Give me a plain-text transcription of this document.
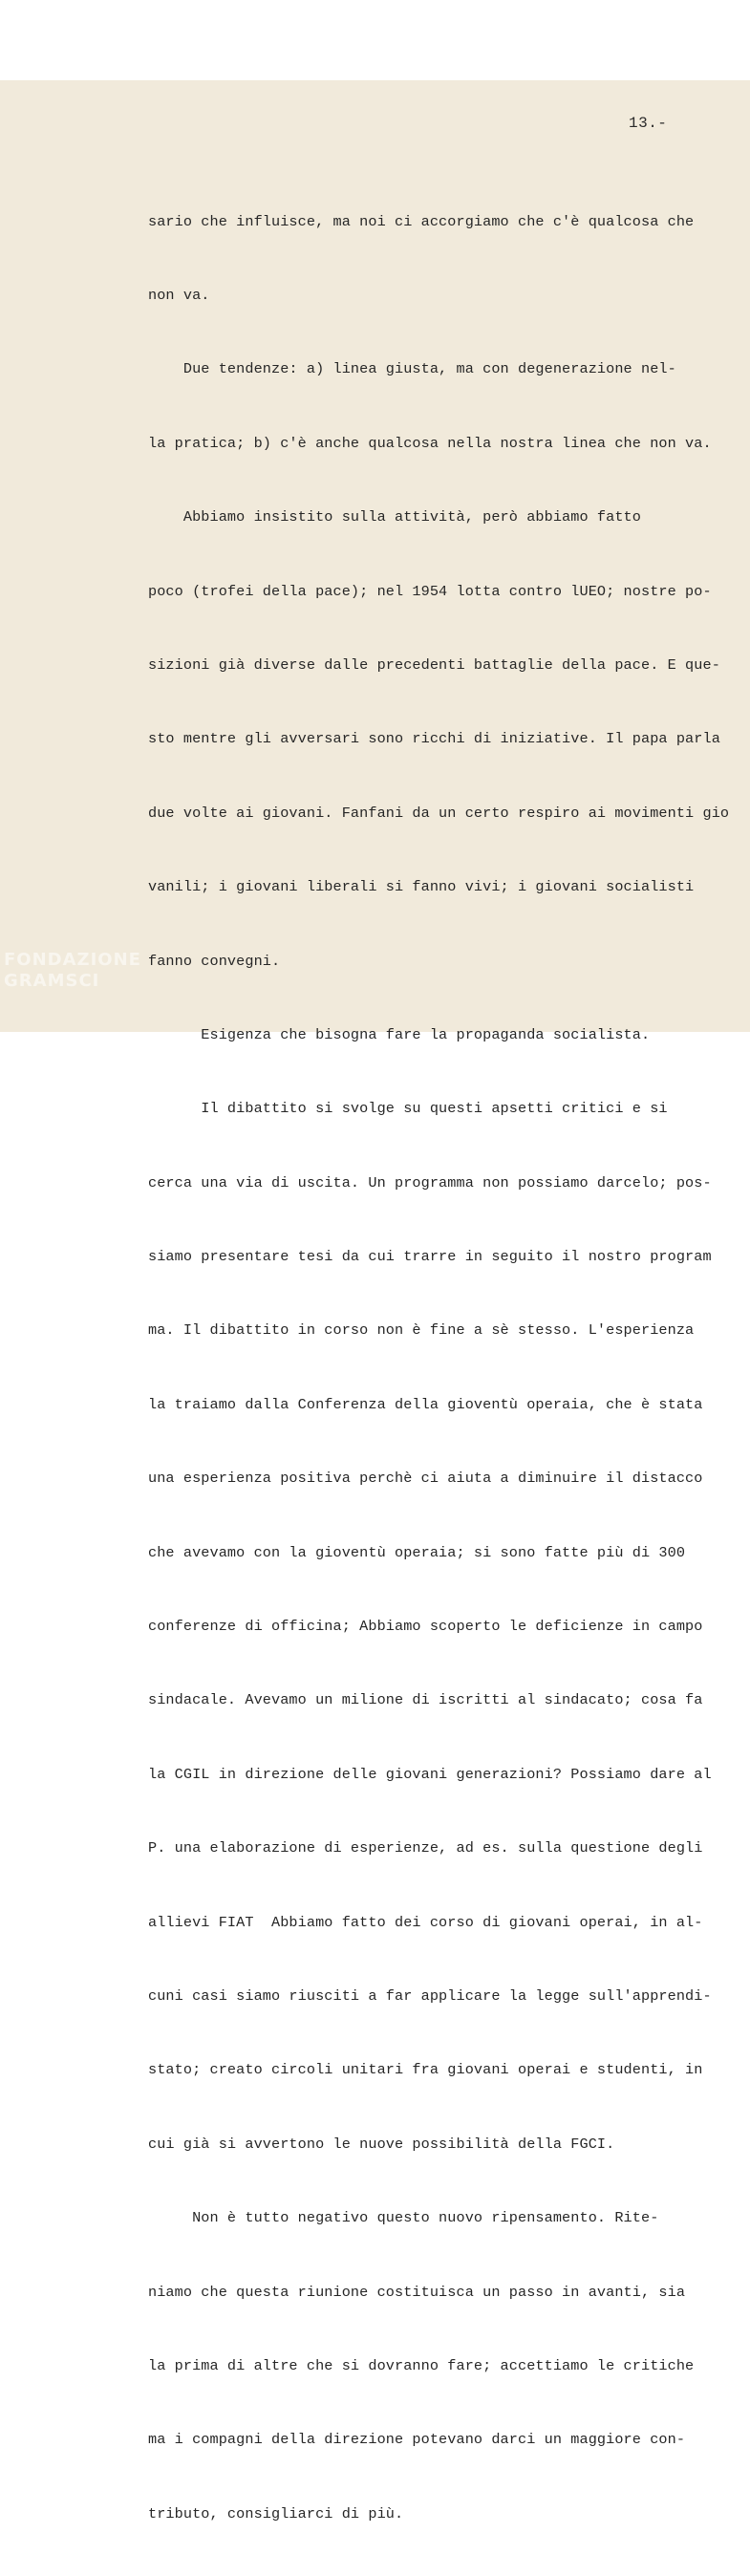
13.-

sario che influisce, ma noi ci accorgiamo che c'è qualcosa che

non va.

Due tendenze: a) linea giusta, ma con degenerazione nel-

la pratica; b) c'è anche qualcosa nella nostra linea che non va.

Abbiamo insistito sulla attività, però abbiamo fatto

poco (trofei della pace); nel 1954 lotta contro lUEO; nostre po-

sizioni già diverse dalle precedenti battaglie della pace. E que-

sto mentre gli avversari sono ricchi di iniziative. Il papa parla

due volte ai giovani. Fanfani da un certo respiro ai movimenti gio

vanili; i giovani liberali si fanno vivi; i giovani socialisti

fanno convegni.

Esigenza che bisogna fare la propaganda socialista.

Il dibattito si svolge su questi apsetti critici e si

cerca una via di uscita. Un programma non possiamo darcelo; pos-

siamo presentare tesi da cui trarre in seguito il nostro program

ma. Il dibattito in corso non è fine a sè stesso. L'esperienza

la traiamo dalla Conferenza della gioventù operaia, che è stata

una esperienza positiva perchè ci aiuta a diminuire il distacco

che avevamo con la gioventù operaia; si sono fatte più di 300

conferenze di officina; Abbiamo scoperto le deficienze in campo

sindacale. Avevamo un milione di iscritti al sindacato; cosa fa

la CGIL in direzione delle giovani generazioni? Possiamo dare al

P. una elaborazione di esperienze, ad es. sulla questione degli

allievi FIAT  Abbiamo fatto dei corso di giovani operai, in al-

cuni casi siamo riusciti a far applicare la legge sull'apprendi-

stato; creato circoli unitari fra giovani operai e studenti, in

cui già si avvertono le nuove possibilità della FGCI.

Non è tutto negativo questo nuovo ripensamento. Rite-

niamo che questa riunione costituisca un passo in avanti, sia

la prima di altre che si dovranno fare; accettiamo le critiche

ma i compagni della direzione potevano darci un maggiore con-

tributo, consigliarci di più.

FONDAZIONE
GRAMSCI
